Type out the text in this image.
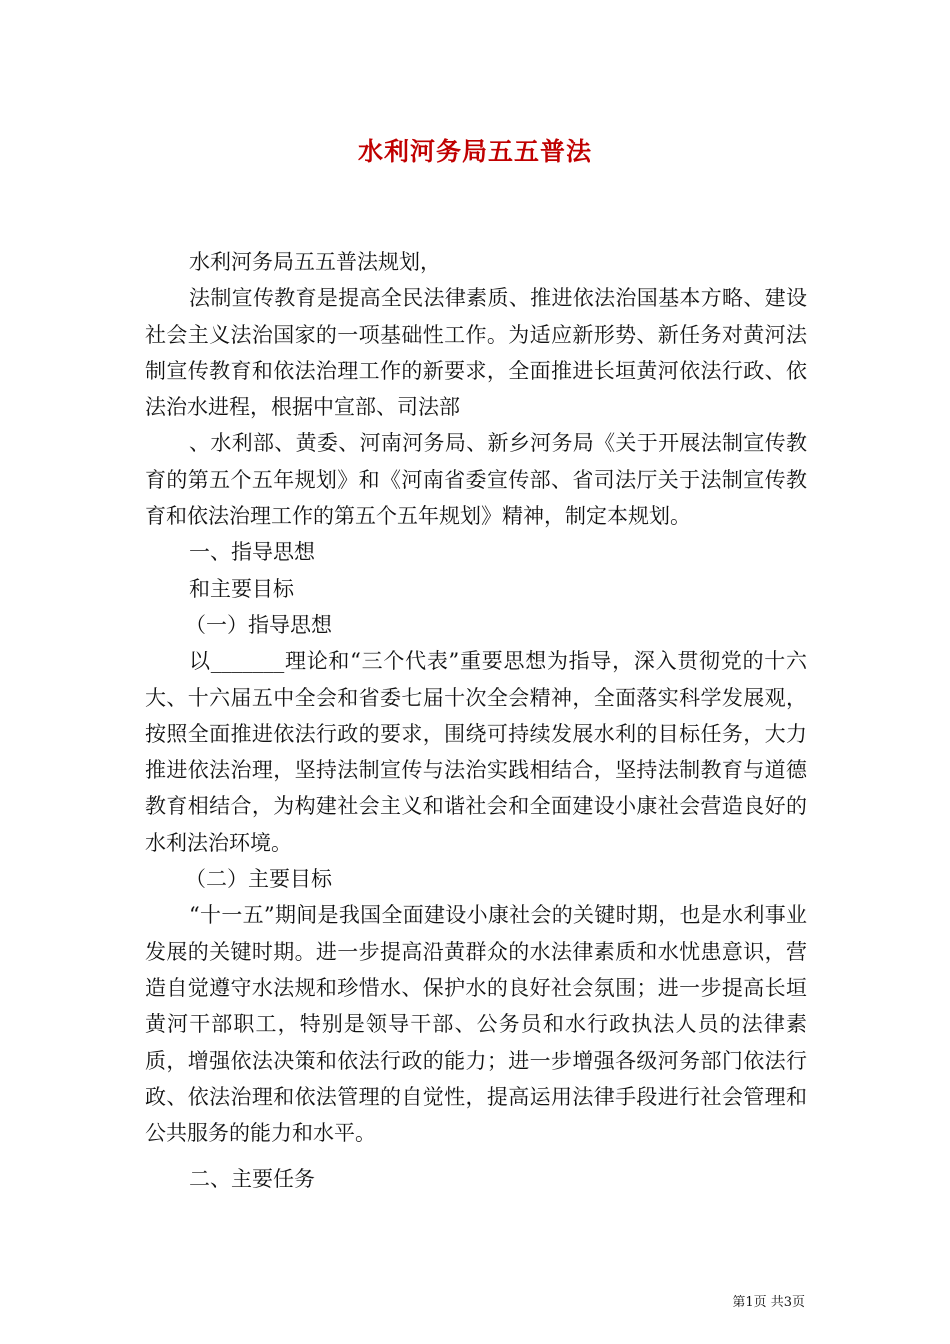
水利河务局五五普法

水利河务局五五普法规划，

法制宣传教育是提高全民法律素质、推进依法治国基本方略、建设社会主义法治国家的一项基础性工作。为适应新形势、新任务对黄河法制宣传教育和依法治理工作的新要求，全面推进长垣黄河依法行政、依法治水进程，根据中宣部、司法部

、水利部、黄委、河南河务局、新乡河务局《关于开展法制宣传教育的第五个五年规划》和《河南省委宣传部、省司法厅关于法制宣传教育和依法治理工作的第五个五年规划》精神，制定本规划。

一、指导思想

和主要目标

（一）指导思想

以_______理论和“三个代表”重要思想为指导，深入贯彻党的十六大、十六届五中全会和省委七届十次全会精神，全面落实科学发展观，按照全面推进依法行政的要求，围绕可持续发展水利的目标任务，大力推进依法治理，坚持法制宣传与法治实践相结合，坚持法制教育与道德教育相结合，为构建社会主义和谐社会和全面建设小康社会营造良好的水利法治环境。

（二）主要目标

“十一五”期间是我国全面建设小康社会的关键时期，也是水利事业发展的关键时期。进一步提高沿黄群众的水法律素质和水忧患意识，营造自觉遵守水法规和珍惜水、保护水的良好社会氛围；进一步提高长垣黄河干部职工，特别是领导干部、公务员和水行政执法人员的法律素质，增强依法决策和依法行政的能力；进一步增强各级河务部门依法行政、依法治理和依法管理的自觉性，提高运用法律手段进行社会管理和公共服务的能力和水平。

二、主要任务

第1页 共3页
